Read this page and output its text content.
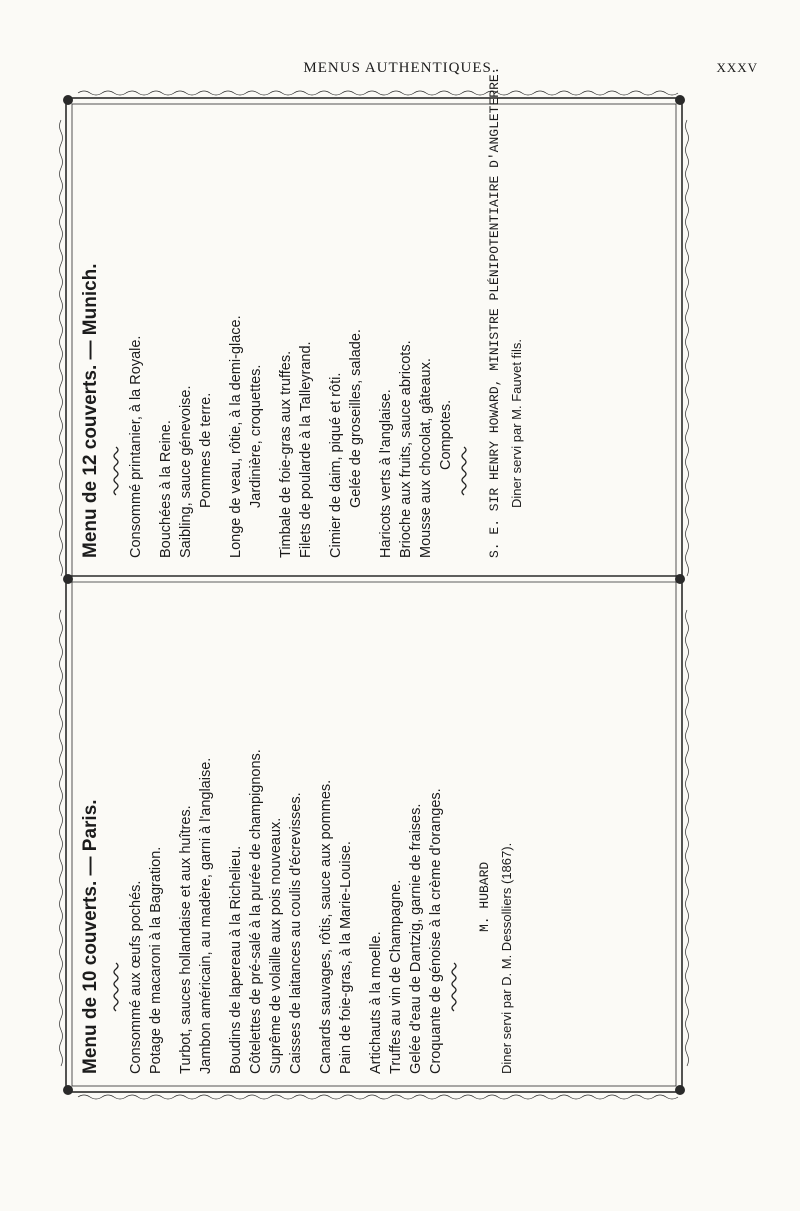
MENUS AUTHENTIQUES.	XXXV
Menu de 12 couverts. — Munich.	Consommé printanier, à la Royale. Bouchées à la Reine. Saibling, sauce génevoise. Pommes de terre. Longe de veau, rôtie, à la demi-glace. Jardinière, croquettes. Timbale de foie-gras aux truffes. Filets de poularde à la Talleyrand. Cimier de daim, piqué et rôti. Gelée de groseilles, salade. Haricots verts à l'anglaise. Brioche aux fruits, sauce abricots. Mousse aux chocolat, gâteaux. Compotes.	S. E. SIR HENRY HOWARD, MINISTRE PLÉNIPOTENTIAIRE D'ANGLETERRE. Diner servi par M. Fauvet fils.
Menu de 10 couverts. — Paris.	Consommé aux œufs pochés. Potage de macaroni à la Bagration. Turbot, sauces hollandaise et aux huîtres. Jambon américain, au madère, garni à l'anglaise. Boudins de lapereau à la Richelieu. Côtelettes de pré-salé à la purée de champignons. Suprême de volaille aux pois nouveaux. Caisses de laitances au coulis d'écrevisses. Canards sauvages, rôtis, sauce aux pommes. Pain de foie-gras, à la Marie-Louise. Artichauts à la moelle. Truffes au vin de Champagne. Gelée d'eau de Dantzig, garnie de fraises. Croquante de génoise à la crème d'oranges.	M. HUBARD Diner servi par D. M. Dessolliers (1867).
